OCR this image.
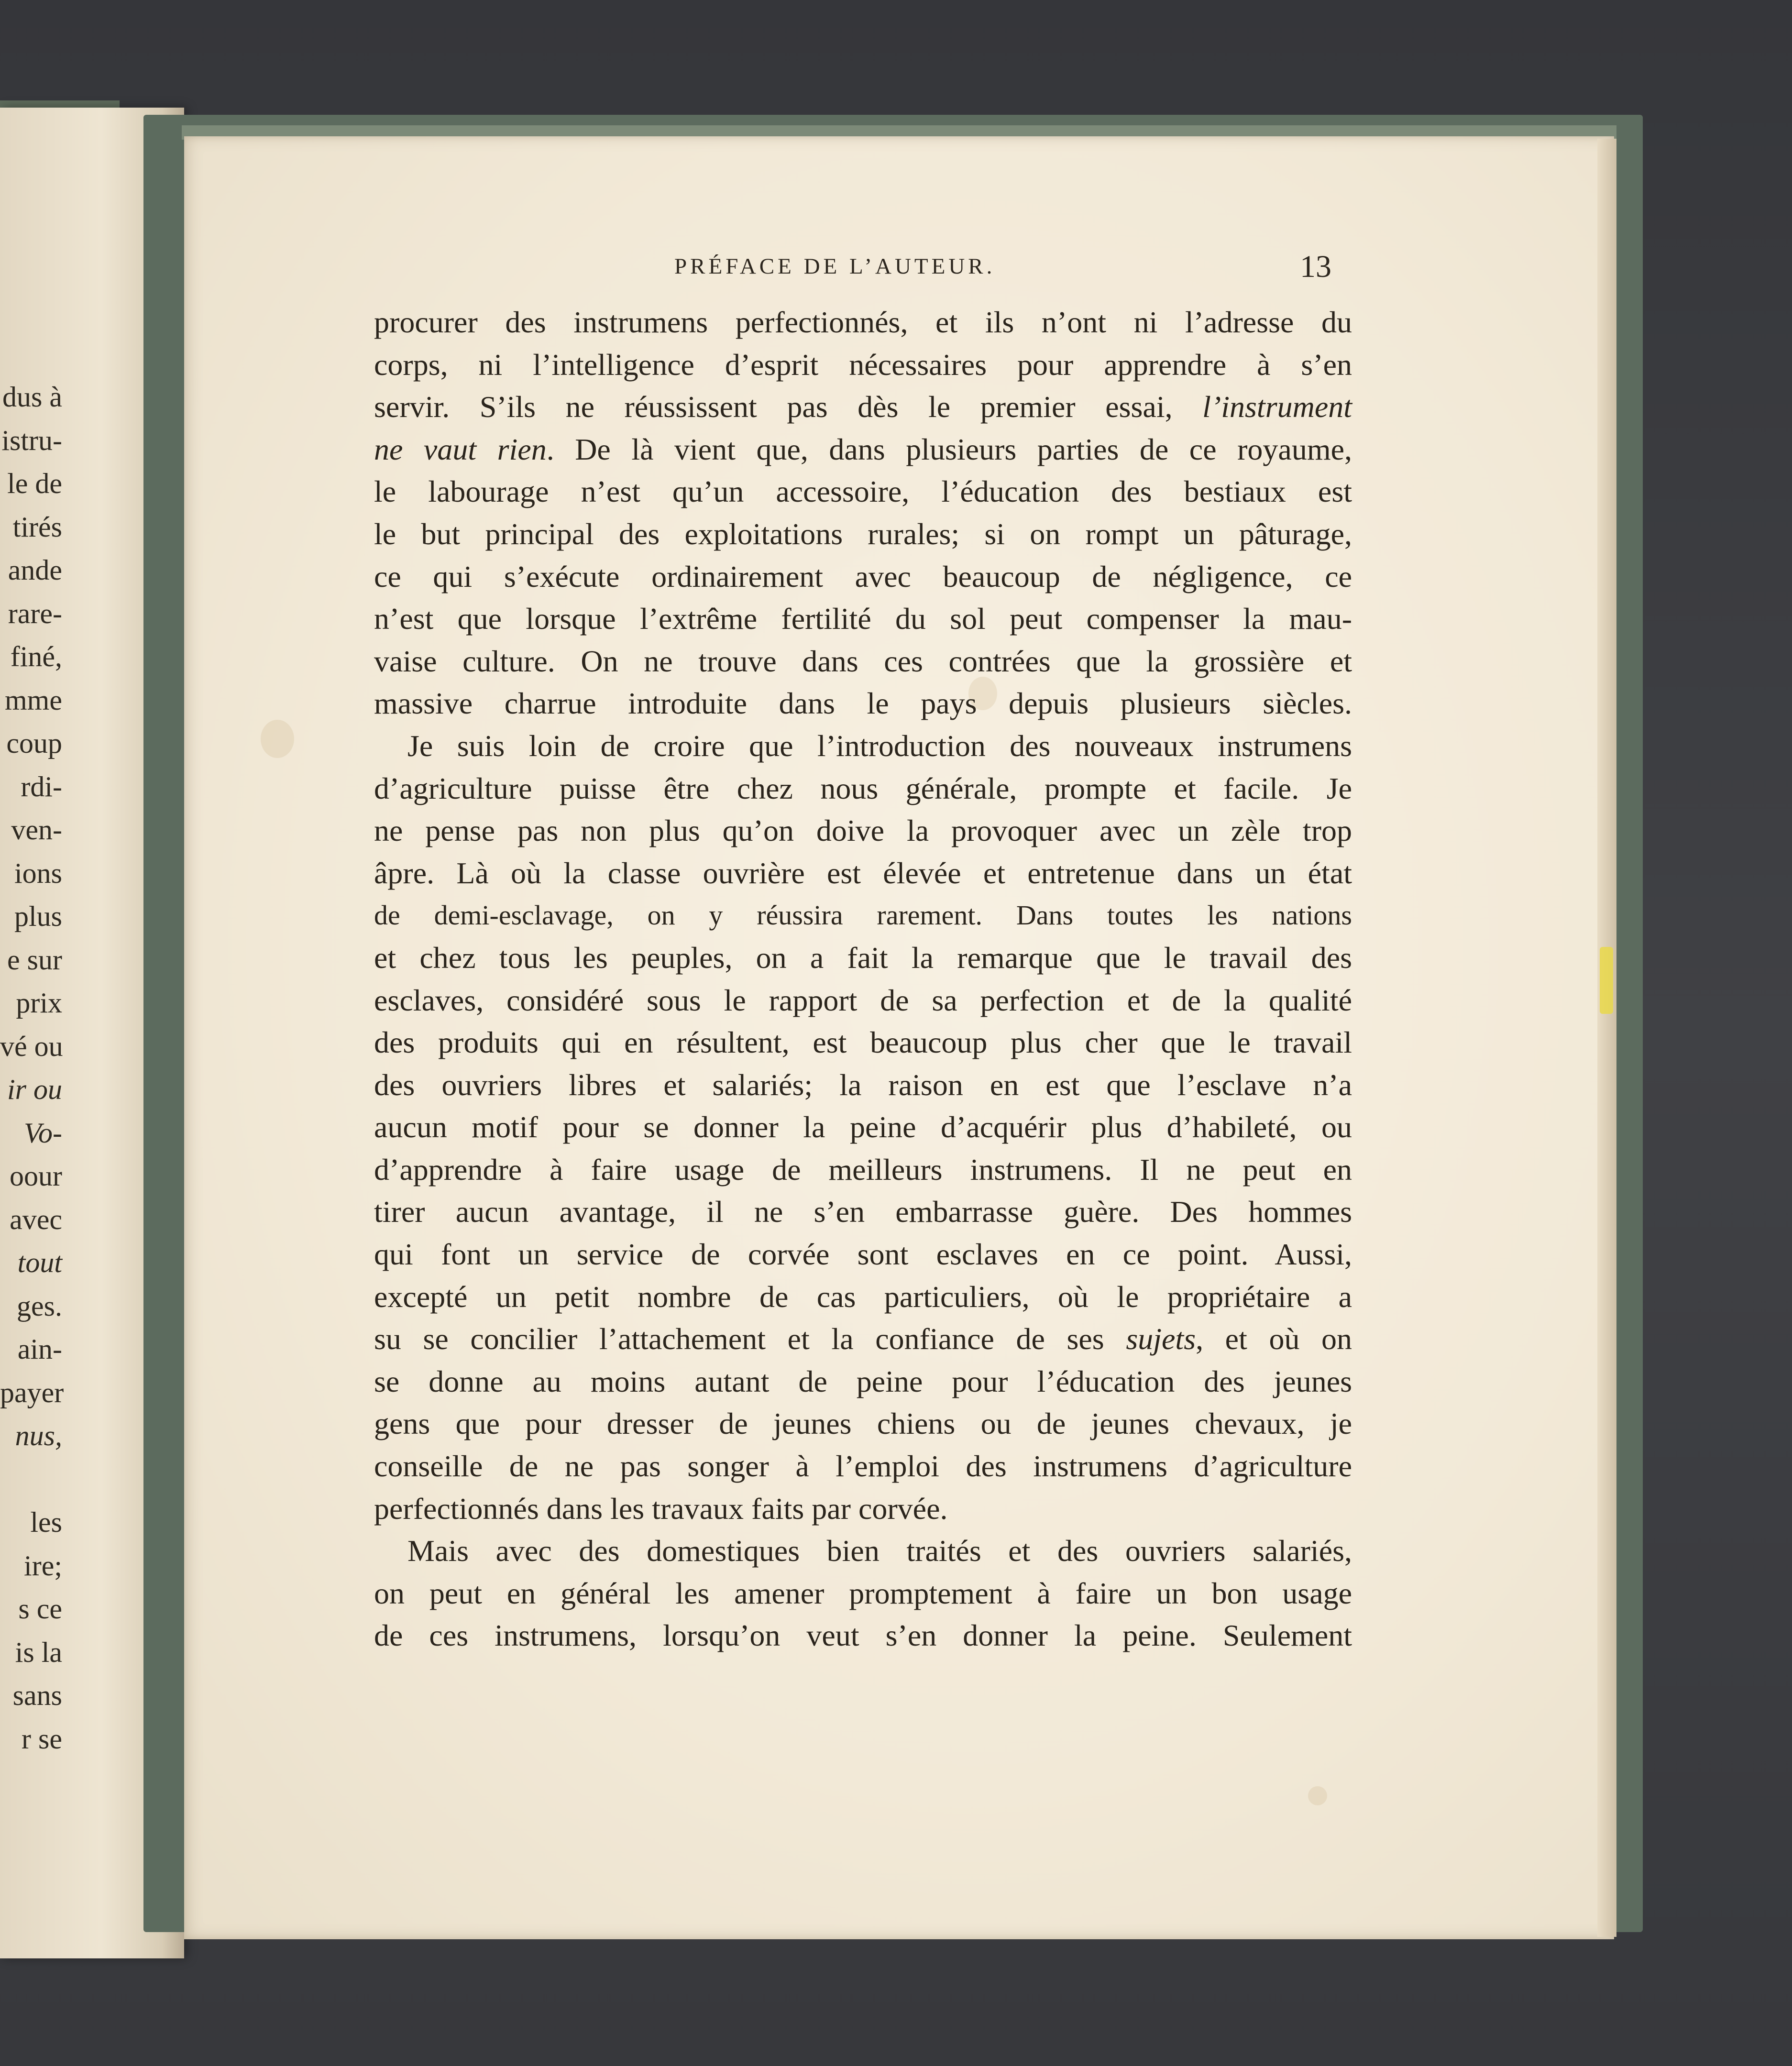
dus à
istru-
le de
tirés
ande
rare-
finé,
mme
coup
rdi-
ven-
ions
plus
e sur
prix
vé ou
ir ou
Vo-
oour
avec
tout
ges.
ain-
payer
nus,
les
ire;
s ce
is la
sans
r se
PRÉFACE DE L’AUTEUR.	13
procurer des instrumens perfectionnés, et ils n’ont ni l’adresse du
corps, ni l’intelligence d’esprit nécessaires pour apprendre à s’en
servir. S’ils ne réussissent pas dès le premier essai, l’instrument
ne vaut rien. De là vient que, dans plusieurs parties de ce royaume,
le labourage n’est qu’un accessoire, l’éducation des bestiaux est
le but principal des exploitations rurales; si on rompt un pâturage,
ce qui s’exécute ordinairement avec beaucoup de négligence, ce
n’est que lorsque l’extrême fertilité du sol peut compenser la mau-
vaise culture. On ne trouve dans ces contrées que la grossière et
massive charrue introduite dans le pays depuis plusieurs siècles.
Je suis loin de croire que l’introduction des nouveaux instrumens
d’agriculture puisse être chez nous générale, prompte et facile. Je
ne pense pas non plus qu’on doive la provoquer avec un zèle trop
âpre. Là où la classe ouvrière est élevée et entretenue dans un état
de demi-esclavage, on y réussira rarement. Dans toutes les nations
et chez tous les peuples, on a fait la remarque que le travail des
esclaves, considéré sous le rapport de sa perfection et de la qualité
des produits qui en résultent, est beaucoup plus cher que le travail
des ouvriers libres et salariés; la raison en est que l’esclave n’a
aucun motif pour se donner la peine d’acquérir plus d’habileté, ou
d’apprendre à faire usage de meilleurs instrumens. Il ne peut en
tirer aucun avantage, il ne s’en embarrasse guère. Des hommes
qui font un service de corvée sont esclaves en ce point. Aussi,
excepté un petit nombre de cas particuliers, où le propriétaire a
su se concilier l’attachement et la confiance de ses sujets, et où on
se donne au moins autant de peine pour l’éducation des jeunes
gens que pour dresser de jeunes chiens ou de jeunes chevaux, je
conseille de ne pas songer à l’emploi des instrumens d’agriculture
perfectionnés dans les travaux faits par corvée.
Mais avec des domestiques bien traités et des ouvriers salariés,
on peut en général les amener promptement à faire un bon usage
de ces instrumens, lorsqu’on veut s’en donner la peine. Seulement
